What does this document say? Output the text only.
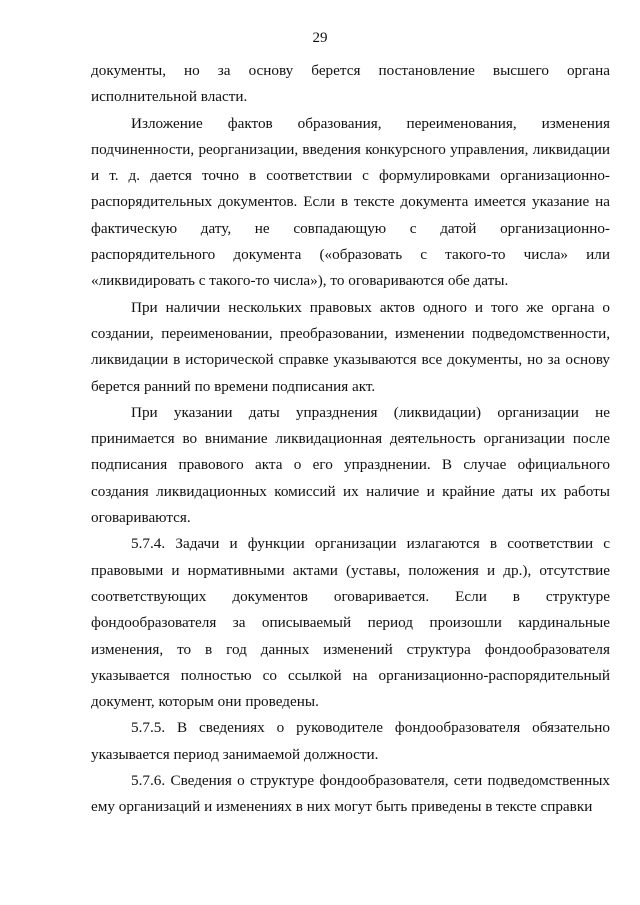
29

документы, но за основу берется постановление высшего органа исполнительной власти.

Изложение фактов образования, переименования, изменения подчиненности, реорганизации, введения конкурсного управления, ликвидации и т. д. дается точно в соответствии с формулировками организационно-распорядительных документов. Если в тексте документа имеется указание на фактическую дату, не совпадающую с датой организационно-распорядительного документа («образовать с такого-то числа» или «ликвидировать с такого-то числа»), то оговариваются обе даты.

При наличии нескольких правовых актов одного и того же органа о создании, переименовании, преобразовании, изменении подведомственности, ликвидации в исторической справке указываются все документы, но за основу берется ранний по времени подписания акт.

При указании даты упразднения (ликвидации) организации не принимается во внимание ликвидационная деятельность организации после подписания правового акта о его упразднении. В случае официального создания ликвидационных комиссий их наличие и крайние даты их работы оговариваются.

5.7.4. Задачи и функции организации излагаются в соответствии с правовыми и нормативными актами (уставы, положения и др.), отсутствие соответствующих документов оговаривается. Если в структуре фондообразователя за описываемый период произошли кардинальные изменения, то в год данных изменений структура фондообразователя указывается полностью со ссылкой на организационно-распорядительный документ, которым они проведены.

5.7.5. В сведениях о руководителе фондообразователя обязательно указывается период занимаемой должности.

5.7.6. Сведения о структуре фондообразователя, сети подведомственных ему организаций и изменениях в них могут быть приведены в тексте справки
